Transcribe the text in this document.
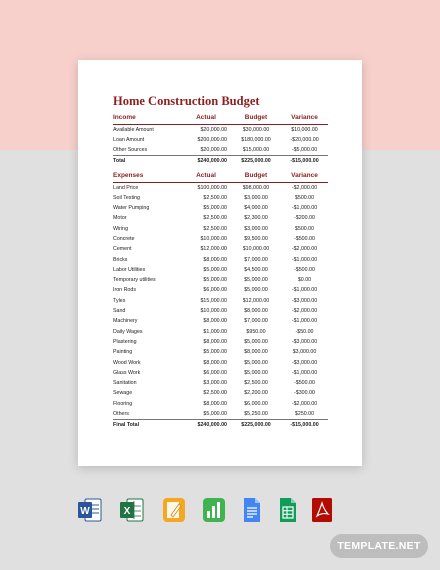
Home Construction Budget
Income	Actual	Budget	Variance
Available Amount	$20,000.00	$30,000.00	$10,000.00
Loan Amount	$200,000.00	$180,000.00	-$20,000.00
Other Sources	$20,000.00	$15,000.00	-$5,000.00
Total	$240,000.00	$225,000.00	-$15,000.00
Expenses	Actual	Budget	Variance
Land Price	$100,000.00	$98,000.00	-$2,000.00
Soil Testing	$2,500.00	$3,000.00	$500.00
Water Pumping	$5,000.00	$4,000.00	-$1,000.00
Motor	$2,500.00	$2,300.00	-$200.00
Wiring	$2,500.00	$3,000.00	$500.00
Concrete	$10,000.00	$9,500.00	-$500.00
Cement	$12,000.00	$10,000.00	-$2,000.00
Bricks	$8,000.00	$7,000.00	-$1,000.00
Labor Utilities	$5,000.00	$4,500.00	-$500.00
Temporary utilities	$5,000.00	$5,000.00	$0.00
Iron Rods	$6,000.00	$5,000.00	-$1,000.00
Tyles	$15,000.00	$12,000.00	-$3,000.00
Sand	$10,000.00	$8,000.00	-$2,000.00
Machinery	$8,000.00	$7,000.00	-$1,000.00
Daily Wages	$1,000.00	$950.00	-$50.00
Plastering	$8,000.00	$5,000.00	-$3,000.00
Painting	$5,000.00	$8,000.00	$3,000.00
Wood Work	$8,000.00	$5,000.00	-$3,000.00
Glass Work	$6,000.00	$5,000.00	-$1,000.00
Sanitation	$3,000.00	$2,500.00	-$500.00
Sewage	$2,500.00	$2,200.00	-$300.00
Flooring	$8,000.00	$6,000.00	-$2,000.00
Others	$5,000.00	$5,250.00	$250.00
Final Total	$240,000.00	$225,000.00	-$15,000.00
W	X
TEMPLATE.NET
